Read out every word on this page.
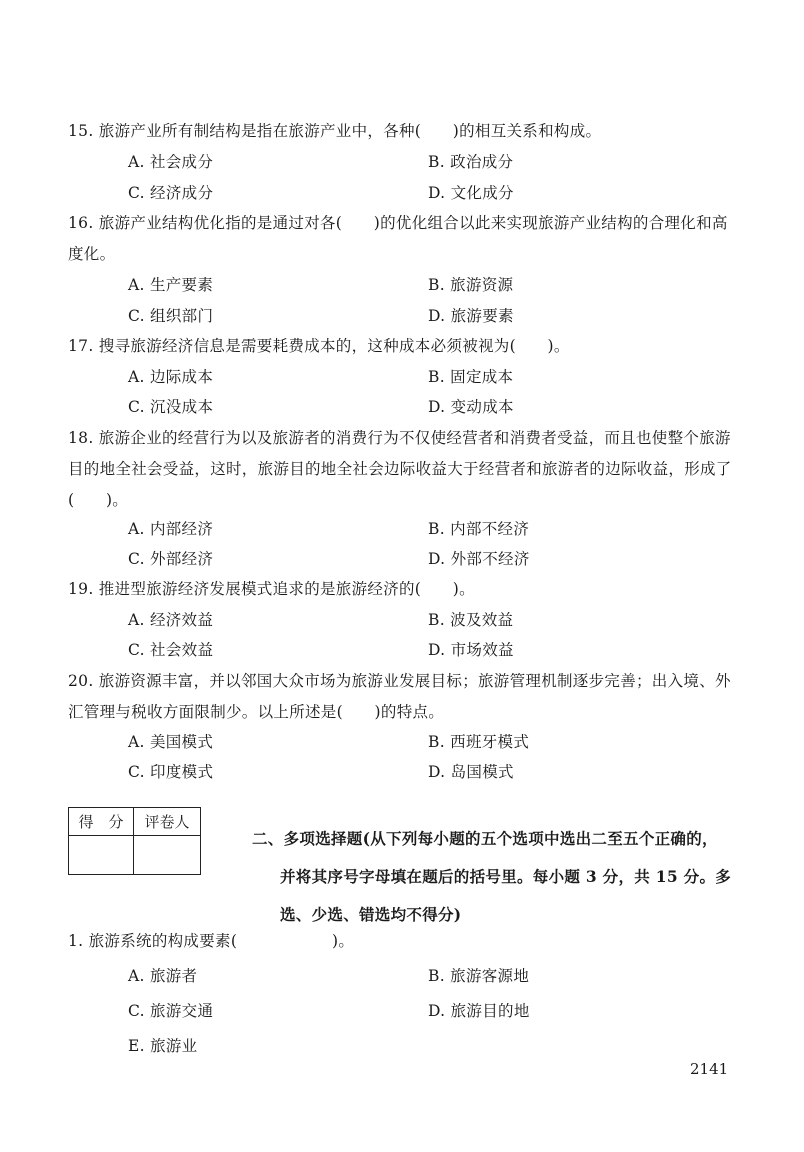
15. 旅游产业所有制结构是指在旅游产业中，各种(　　)的相互关系和构成。
A. 社会成分	B. 政治成分
C. 经济成分	D. 文化成分
16. 旅游产业结构优化指的是通过对各(　　)的优化组合以此来实现旅游产业结构的合理化和高度化。
A. 生产要素	B. 旅游资源
C. 组织部门	D. 旅游要素
17. 搜寻旅游经济信息是需要耗费成本的，这种成本必须被视为(　　)。
A. 边际成本	B. 固定成本
C. 沉没成本	D. 变动成本
18. 旅游企业的经营行为以及旅游者的消费行为不仅使经营者和消费者受益，而且也使整个旅游目的地全社会受益，这时，旅游目的地全社会边际收益大于经营者和旅游者的边际收益，形成了(　　)。
A. 内部经济	B. 内部不经济
C. 外部经济	D. 外部不经济
19. 推进型旅游经济发展模式追求的是旅游经济的(　　)。
A. 经济效益	B. 波及效益
C. 社会效益	D. 市场效益
20. 旅游资源丰富，并以邻国大众市场为旅游业发展目标；旅游管理机制逐步完善；出入境、外汇管理与税收方面限制少。以上所述是(　　)的特点。
A. 美国模式	B. 西班牙模式
C. 印度模式	D. 岛国模式
得　分	评卷人

二、多项选择题(从下列每小题的五个选项中选出二至五个正确的，
并将其序号字母填在题后的括号里。每小题 3 分，共 15 分。多
选、少选、错选均不得分)
1. 旅游系统的构成要素(　　　　　　)。
A. 旅游者	B. 旅游客源地
C. 旅游交通	D. 旅游目的地
E. 旅游业
2141
